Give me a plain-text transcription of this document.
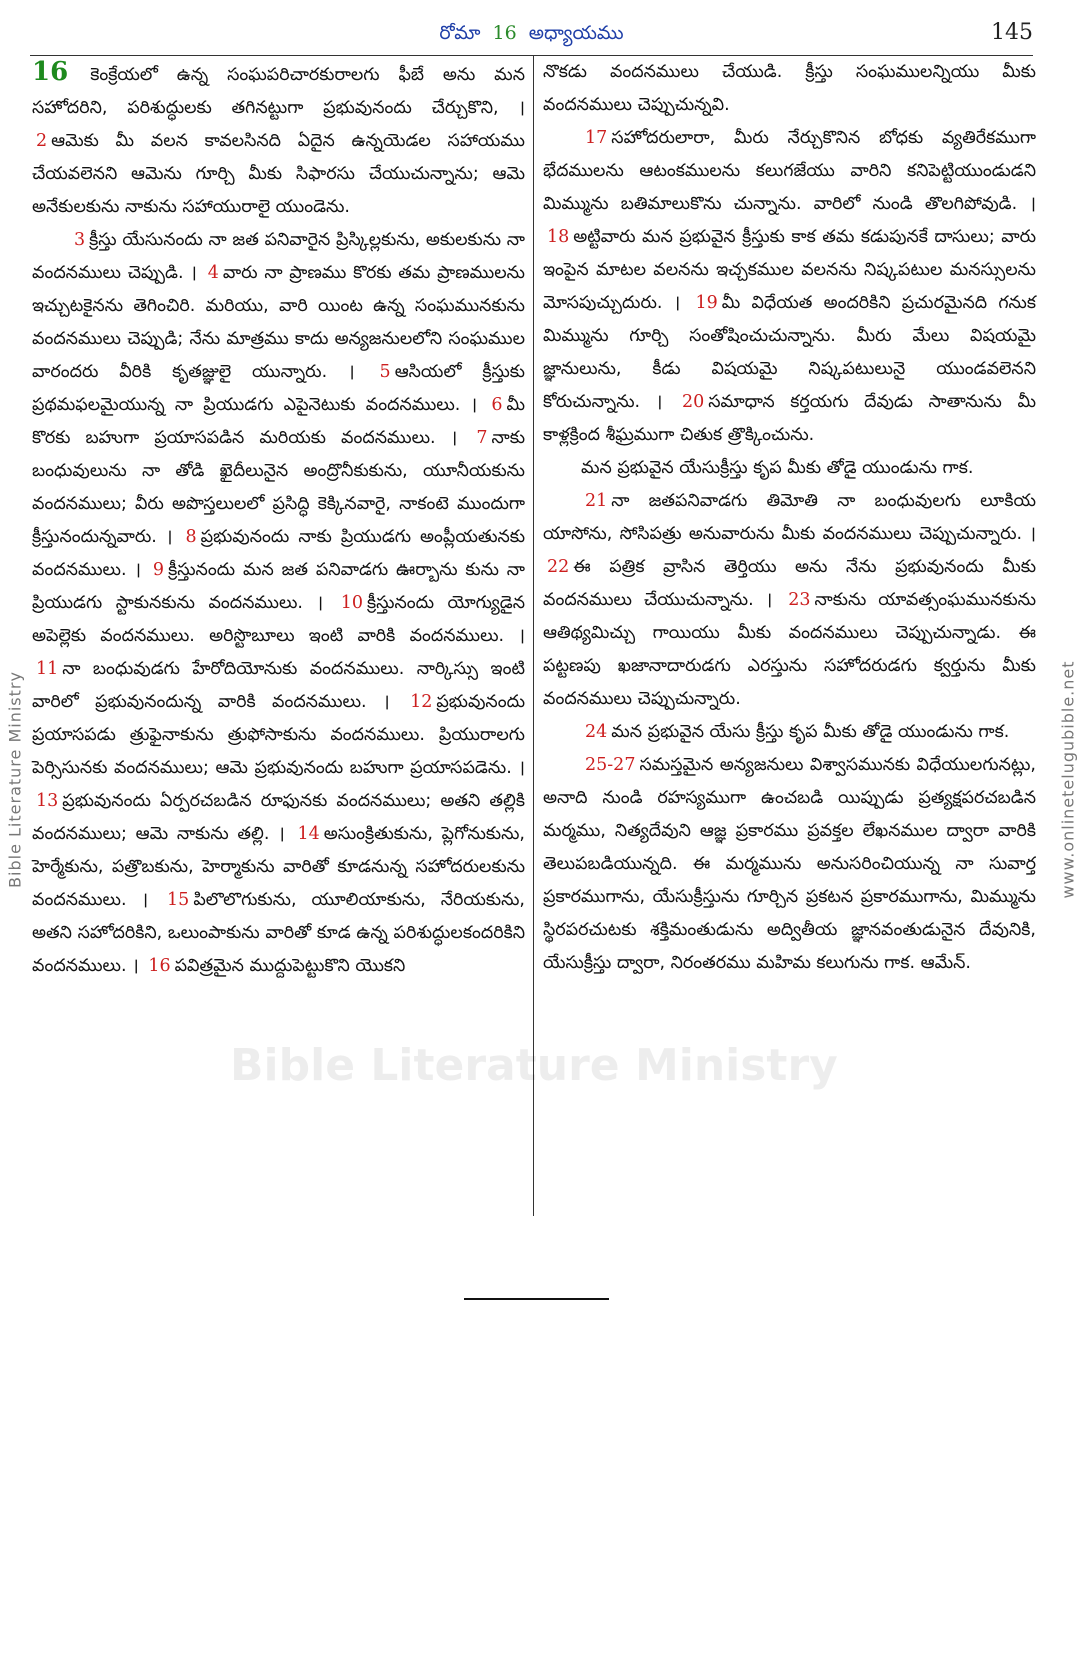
రోమా 16 అధ్యాయము	145

16 కెంక్రేయలో ఉన్న సంఘపరిచారకురాలగు ఫీబే అను మన సహోదరిని, పరిశుద్ధులకు తగినట్టుగా ప్రభువునందు చేర్చుకొని, । 2 ఆమెకు మీ వలన కావలసినది ఏదైన ఉన్నయెడల సహాయము చేయవలెనని ఆమెను గూర్చి మీకు సిఫారసు చేయుచున్నాను; ఆమె అనేకులకును నాకును సహాయురాలై యుండెను.

3 క్రీస్తు యేసునందు నా జత పనివారైన ప్రిస్కిల్లకును, అకులకును నా వందనములు చెప్పుడి. । 4 వారు నా ప్రాణము కొరకు తమ ప్రాణములను ఇచ్చుటకైనను తెగించిరి. మరియు, వారి యింట ఉన్న సంఘమునకును వందనములు చెప్పుడి; నేను మాత్రము కాదు అన్యజనులలోని సంఘముల వారందరు వీరికి కృతజ్ఞులై యున్నారు. । 5 ఆసియలో క్రీస్తుకు ప్రథమఫలమైయున్న నా ప్రియుడగు ఎపైనెటుకు వందనములు. । 6 మీ కొరకు బహుగా ప్రయాసపడిన మరియకు వందనములు. । 7 నాకు బంధువులును నా తోడి ఖైదీలునైన అంద్రొనీకుకును, యూనీయకును వందనములు; వీరు అపొస్తలులలో ప్రసిద్ధి కెక్కినవారై, నాకంటె ముందుగా క్రీస్తునందున్నవారు. । 8 ప్రభువునందు నాకు ప్రియుడగు అంప్లీయతునకు వందనములు. । 9 క్రీస్తునందు మన జత పనివాడగు ఊర్బాను కును నా ప్రియుడగు స్టాకునకును వందనములు. । 10 క్రీస్తునందు యోగ్యుడైన అపెల్లెకు వందనములు. అరిస్టొబూలు ఇంటి వారికి వందనములు. । 11 నా బంధువుడగు హేరోదియోనుకు వందనములు. నార్కిస్సు ఇంటి వారిలో ప్రభువునందున్న వారికి వందనములు. । 12 ప్రభువునందు ప్రయాసపడు త్రుఫైనాకును త్రుఫోసాకును వందనములు. ప్రియురాలగు పెర్సిసునకు వందనములు; ఆమె ప్రభువునందు బహుగా ప్రయాసపడెను. । 13 ప్రభువునందు ఏర్పరచబడిన రూఫునకు వందనములు; అతని తల్లికి వందనములు; ఆమె నాకును తల్లి. । 14 అసుంక్రితుకును, ప్లెగోనుకును, హెర్మేకును, పత్రొబకును, హెర్మాకును వారితో కూడనున్న సహోదరులకును వందనములు. । 15 పిలొలొగుకును, యూలియాకును, నేరియకును, అతని సహోదరికిని, ఒలుంపాకును వారితో కూడ ఉన్న పరిశుద్ధులకందరికిని వందనములు. । 16 పవిత్రమైన ముద్దుపెట్టుకొని యొకని

నొకడు వందనములు చేయుడి. క్రీస్తు సంఘములన్నియు మీకు వందనములు చెప్పుచున్నవి.

17 సహోదరులారా, మీరు నేర్చుకొనిన బోధకు వ్యతిరేకముగా భేదములను ఆటంకములను కలుగజేయు వారిని కనిపెట్టియుండుడని మిమ్మును బతిమాలుకొను చున్నాను. వారిలో నుండి తొలగిపోవుడి. । 18 అట్టివారు మన ప్రభువైన క్రీస్తుకు కాక తమ కడుపునకే దాసులు; వారు ఇంపైన మాటల వలనను ఇచ్చకముల వలనను నిష్కపటుల మనస్సులను మోసపుచ్చుదురు. । 19 మీ విధేయత అందరికిని ప్రచురమైనది గనుక మిమ్మును గూర్చి సంతోషించుచున్నాను. మీరు మేలు విషయమై జ్ఞానులును, కీడు విషయమై నిష్కపటులునై యుండవలెనని కోరుచున్నాను. । 20 సమాధాన కర్తయగు దేవుడు సాతానును మీ కాళ్లక్రింద శీఘ్రముగా చితుక త్రొక్కించును.

మన ప్రభువైన యేసుక్రీస్తు కృప మీకు తోడై యుండును గాక.

21 నా జతపనివాడగు తిమోతి నా బంధువులగు లూకియ యాసోను, సోసిపత్రు అనువారును మీకు వందనములు చెప్పుచున్నారు. । 22 ఈ పత్రిక వ్రాసిన తెర్తియు అను నేను ప్రభువునందు మీకు వందనములు చేయుచున్నాను. । 23 నాకును యావత్సంఘమునకును ఆతిథ్యమిచ్చు గాయియు మీకు వందనములు చెప్పుచున్నాడు. ఈ పట్టణపు ఖజానాదారుడగు ఎరస్తును సహోదరుడగు క్వర్తును మీకు వందనములు చెప్పుచున్నారు.

24 మన ప్రభువైన యేసు క్రీస్తు కృప మీకు తోడై యుండును గాక.

25-27 సమస్తమైన అన్యజనులు విశ్వాసమునకు విధేయులగునట్లు, అనాది నుండి రహస్యముగా ఉంచబడి యిప్పుడు ప్రత్యక్షపరచబడిన మర్మము, నిత్యదేవుని ఆజ్ఞ ప్రకారము ప్రవక్తల లేఖనముల ద్వారా వారికి తెలుపబడియున్నది. ఈ మర్మమును అనుసరించియున్న నా సువార్త ప్రకారముగాను, యేసుక్రీస్తును గూర్చిన ప్రకటన ప్రకారముగాను, మిమ్మును స్థిరపరచుటకు శక్తిమంతుడును అద్వితీయ జ్ఞానవంతుడునైన దేవునికి, యేసుక్రీస్తు ద్వారా, నిరంతరము మహిమ కలుగును గాక. ఆమేన్.

Bible Literature Ministry	www.onlinetelugubible.net
Bible Literature Ministry
